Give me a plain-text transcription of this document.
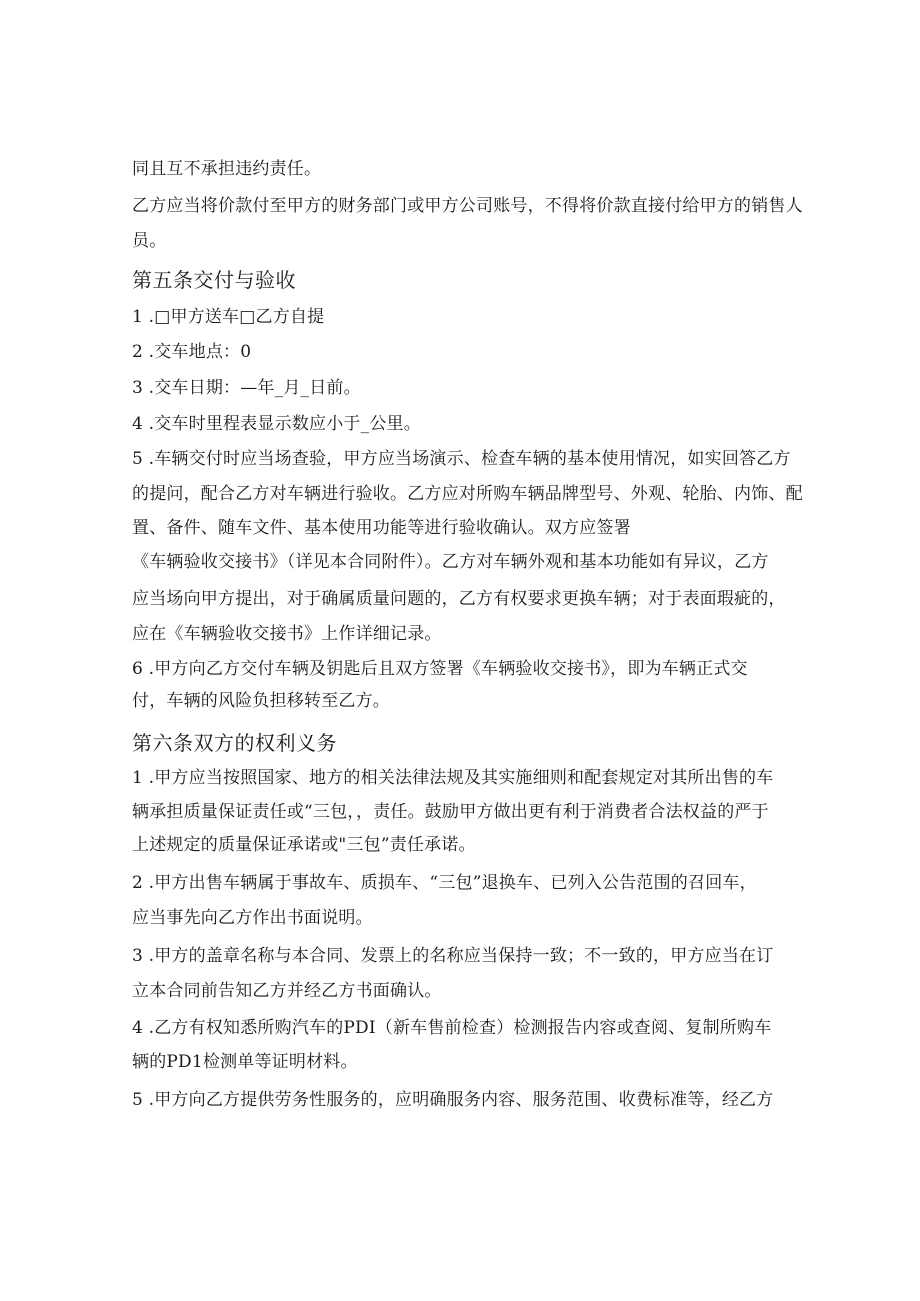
同且互不承担违约责任。
乙方应当将价款付至甲方的财务部门或甲方公司账号，不得将价款直接付给甲方的销售人
员。
第五条交付与验收
1 .□甲方送车□乙方自提
2 .交车地点：0
3 .交车日期：—年_月_日前。
4 .交车时里程表显示数应小于_公里。
5 .车辆交付时应当场查验，甲方应当场演示、检查车辆的基本使用情况，如实回答乙方
的提问，配合乙方对车辆进行验收。乙方应对所购车辆品牌型号、外观、轮胎、内饰、配
置、备件、随车文件、基本使用功能等进行验收确认。双方应签署
《车辆验收交接书》（详见本合同附件）。乙方对车辆外观和基本功能如有异议，乙方
应当场向甲方提出，对于确属质量问题的，乙方有权要求更换车辆；对于表面瑕疵的，
应在《车辆验收交接书》上作详细记录。
6 .甲方向乙方交付车辆及钥匙后且双方签署《车辆验收交接书》，即为车辆正式交
付，车辆的风险负担移转至乙方。
第六条双方的权利义务
1 .甲方应当按照国家、地方的相关法律法规及其实施细则和配套规定对其所出售的车
辆承担质量保证责任或“三包，，责任。鼓励甲方做出更有利于消费者合法权益的严于
上述规定的质量保证承诺或"三包”责任承诺。
2 .甲方出售车辆属于事故车、质损车、“三包”退换车、已列入公告范围的召回车，
应当事先向乙方作出书面说明。
3 .甲方的盖章名称与本合同、发票上的名称应当保持一致；不一致的，甲方应当在订
立本合同前告知乙方并经乙方书面确认。
4 .乙方有权知悉所购汽车的PDI（新车售前检查）检测报告内容或查阅、复制所购车
辆的PD1检测单等证明材料。
5 .甲方向乙方提供劳务性服务的，应明确服务内容、服务范围、收费标准等，经乙方
